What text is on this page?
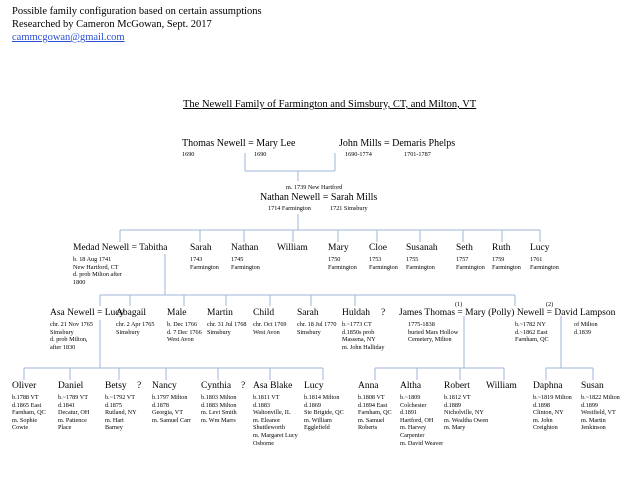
Possible family configuration based on certain assumptions
Researched by Cameron McGowan, Sept. 2017
cammcgowan@gmail.com
The Newell Family of Farmington and Simsbury, CT, and Milton, VT
Thomas Newell = Mary Lee
1690	1690
John Mills = Demaris Phelps
1690-1774	1701-1787
m. 1739 New Hartford
Nathan Newell = Sarah Mills
1714 Farmington	1721 Simsbury
Medad Newell = Tabitha
b. 18 Aug 1741
New Hartford, CT
d. prob Milton after
1800
Sarah
1743
Farmington
Nathan
1745
Farmington
William Mary
1750
Farmington
Cloe
1753
Farmington
Susanah
1755
Farmington
Seth
1757
Farmington
Ruth
1759
Farmington
Lucy
1761
Farmington
Asa Newell = Lucy
chr. 21 Nov 1765
Simsbury
d. prob Milton,
after 1830
Abagail
chr. 2 Apr 1765
Simsbury
Male
b. Dec 1766
d. 7 Dec 1766
West Avon
Martin
chr. 31 Jul 1768
Simsbury
Child
chr. Oct 1769
West Avon
Sarah
chr. 18 Jul 1770
Simsbury
Huldah ?
b.~1773 CT
d.1850s prob
Massena, NY
m. John Halliday
(1)	(2)
James Thomas = Mary (Polly) Newell = David Lampson
1775-1838
buried Mars Hollow
Cemetery, Milton
b.~1782 NY
d.~1862 East
Farnham, QC
of Milton
d.1839
Oliver
b.1788 VT
d.1865 East
Farnham, QC
m. Sophie
Cowie
Daniel
b.~1789 VT
d.1841
Decatur, OH
m. Patience
Place
Betsy ?
b.~1792 VT
d.1875
Rutland, NY
m. Hart
Barney
Nancy
b.1797 Milton
d.1878
Georgia, VT
m. Samuel Carr
Cynthia ?
b.1803 Milton
d.1883 Milton
m. Levi Smith
m. Wm Marrs
Asa Blake
b.1811 VT
d.1883
Waltonville, IL
m. Eleanor
Shuttleworth
m. Margaret Lucy
Osborne
Lucy
b.1814 Milton
d.1869
Ste Brigide, QC
m. William
Egglefield
Anna
b.1808 VT
d.1894 East
Farnham, QC
m. Samuel
Roberts
Altha
b.~1809
Colchester
d.1891
Hartford, OH
m. Harvey
Carpenter
m. David Weaver
Robert
b.1812 VT
d.1889
Nicholville, NY
m. Wealtha Owen
m. Mary
William Daphna
b.~1819 Milton
d.1898
Clinton, NY
m. John
Creighton
Susan
b.~1822 Milton
d.1899
Westfield, VT
m. Martin
Jenkinson
